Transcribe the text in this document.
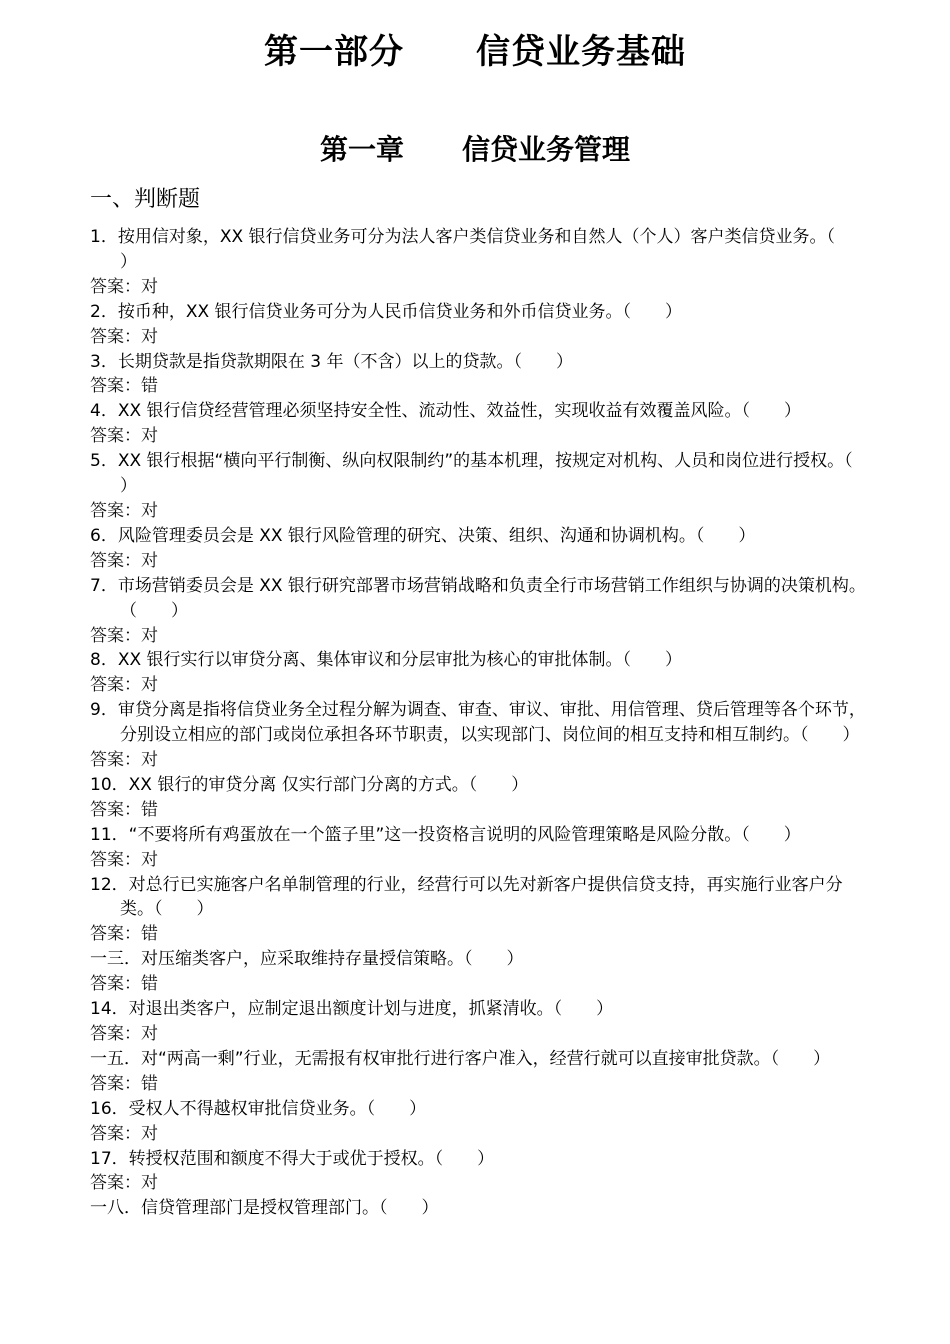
第一部分 信贷业务基础
第一章 信贷业务管理
一、判断题
1．按用信对象，XX 银行信贷业务可分为法人客户类信贷业务和自然人（个人）客户类信贷业务。（　　）
答案：对
2．按币种，XX 银行信贷业务可分为人民币信贷业务和外币信贷业务。（　　）
答案：对
3．长期贷款是指贷款期限在 3 年（不含）以上的贷款。（　　）
答案：错
4．XX 银行信贷经营管理必须坚持安全性、流动性、效益性，实现收益有效覆盖风险。（　　）
答案：对
5．XX 银行根据“横向平行制衡、纵向权限制约”的基本机理，按规定对机构、人员和岗位进行授权。（　　）
答案：对
6．风险管理委员会是 XX 银行风险管理的研究、决策、组织、沟通和协调机构。（　　）
答案：对
7．市场营销委员会是 XX 银行研究部署市场营销战略和负责全行市场营销工作组织与协调的决策机构。（　　）
答案：对
8．XX 银行实行以审贷分离、集体审议和分层审批为核心的审批体制。（　　）
答案：对
9．审贷分离是指将信贷业务全过程分解为调查、审查、审议、审批、用信管理、贷后管理等各个环节，分别设立相应的部门或岗位承担各环节职责，以实现部门、岗位间的相互支持和相互制约。（　　）
答案：对
10．XX 银行的审贷分离 仅实行部门分离的方式。（　　）
答案：错
11．“不要将所有鸡蛋放在一个篮子里”这一投资格言说明的风险管理策略是风险分散。（　　）
答案：对
12．对总行已实施客户名单制管理的行业，经营行可以先对新客户提供信贷支持，再实施行业客户分类。（　　）
答案：错
一三．对压缩类客户，应采取维持存量授信策略。（　　）
答案：错
14．对退出类客户，应制定退出额度计划与进度，抓紧清收。（　　）
答案：对
一五．对“两高一剩”行业，无需报有权审批行进行客户准入，经营行就可以直接审批贷款。（　　）
答案：错
16．受权人不得越权审批信贷业务。（　　）
答案：对
17．转授权范围和额度不得大于或优于授权。（　　）
答案：对
一八．信贷管理部门是授权管理部门。（　　）
